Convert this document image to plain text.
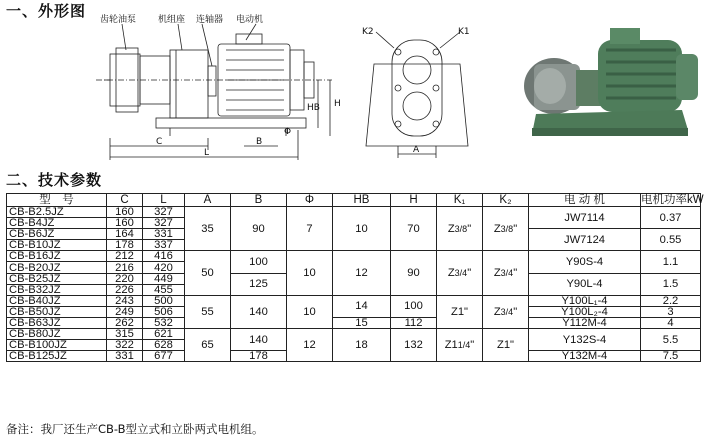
一、外形图 齿轮油泵 机组座 连轴器 电动机
C
L
B
Φ
HB H
K2	K1
A
二、技术参数
型　号	C	L	A	B	Φ	HB	H	K₁	K₂	电 动 机	电机功率kW
CB-B2.5JZ	160	327	35	90	7	10	70	Z3/8"	Z3/8"	JW7114	0.37
CB-B4JZ	160	327									
CB-B6JZ	164	331								JW7124	0.55
CB-B10JZ	178	337									
CB-B16JZ	212	416	50	100	10	12	90	Z3/4"	Z3/4"	Y90S-4	1.1
CB-B20JZ	216	420									
CB-B25JZ	220	449		125						Y90L-4	1.5
CB-B32JZ	226	455									
CB-B40JZ	243	500	55	140	10	14	100	Z1"	Z3/4"	Y100L₁-4	2.2
CB-B50JZ	249	506								Y100L₂-4	3
CB-B63JZ	262	532				15	112			Y112M-4	4
CB-B80JZ	315	621	65	140	12	18	132	Z11/4"	Z1"	Y132S-4	5.5
CB-B100JZ	322	628									
CB-B125JZ	331	677		178						Y132M-4	7.5
备注：我厂还生产CB-B型立式和立卧两式电机组。
